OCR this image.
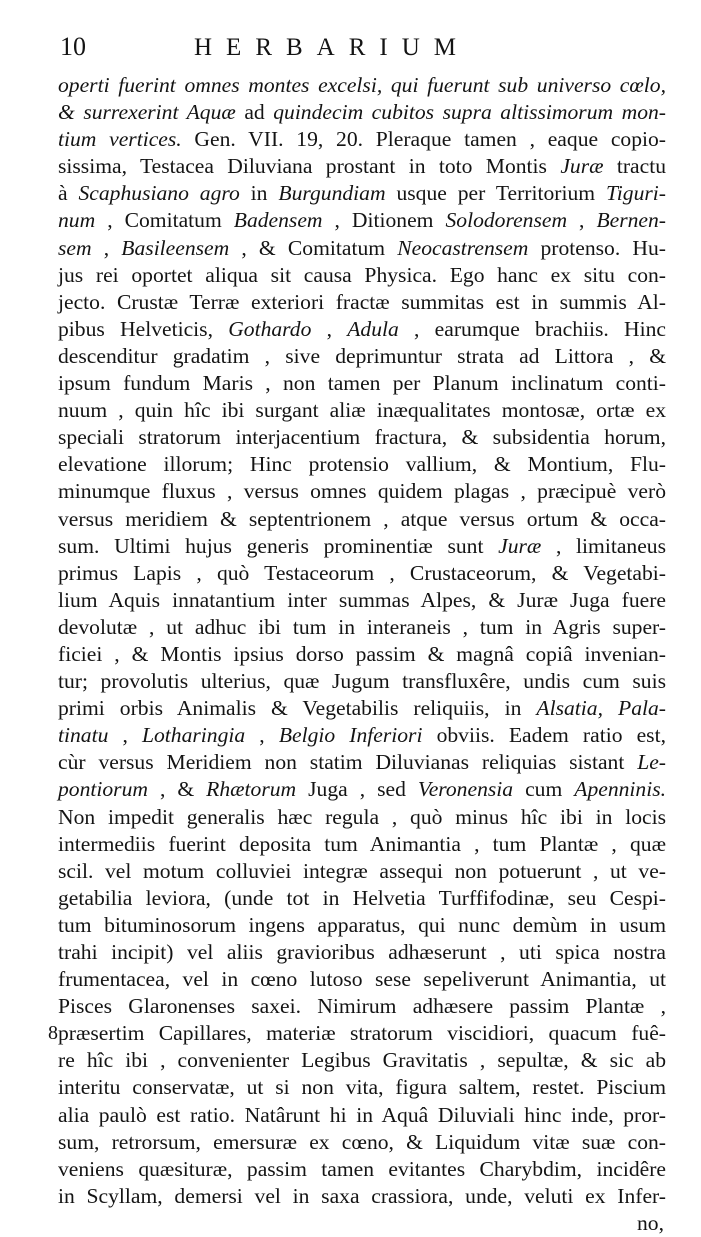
10	HERBARIUM
operti fuerint omnes montes excelsi, qui fuerunt sub universo cœlo,
& surrexerint Aquæ ad quindecim cubitos supra altissimorum mon-
tium vertices. Gen. VII. 19, 20. Pleraque tamen , eaque copio-
sissima, Testacea Diluviana prostant in toto Montis Juræ tractu
à Scaphusiano agro in Burgundiam usque per Territorium Tiguri-
num , Comitatum Badensem , Ditionem Solodorensem , Bernen-
sem , Basileensem , & Comitatum Neocastrensem protenso. Hu-
jus rei oportet aliqua sit causa Physica. Ego hanc ex situ con-
jecto. Crustæ Terræ exteriori fractæ summitas est in summis Al-
pibus Helveticis, Gothardo , Adula , earumque brachiis. Hinc
descenditur gradatim , sive deprimuntur strata ad Littora , &
ipsum fundum Maris , non tamen per Planum inclinatum conti-
nuum , quin hîc ibi surgant aliæ inæqualitates montosæ, ortæ ex
speciali stratorum interjacentium fractura, & subsidentia horum,
elevatione illorum; Hinc protensio vallium, & Montium, Flu-
minumque fluxus , versus omnes quidem plagas , præcipuè verò
versus meridiem & septentrionem , atque versus ortum & occa-
sum. Ultimi hujus generis prominentiæ sunt Juræ , limitaneus
primus Lapis , quò Testaceorum , Crustaceorum, & Vegetabi-
lium Aquis innatantium inter summas Alpes, & Juræ Juga fuere
devolutæ , ut adhuc ibi tum in interaneis , tum in Agris super-
ficiei , & Montis ipsius dorso passim & magnâ copiâ invenian-
tur; provolutis ulterius, quæ Jugum transfluxêre, undis cum suis
primi orbis Animalis & Vegetabilis reliquiis, in Alsatia, Pala-
tinatu , Lotharingia , Belgio Inferiori obviis. Eadem ratio est,
cùr versus Meridiem non statim Diluvianas reliquias sistant Le-
pontiorum , & Rhætorum Juga , sed Veronensia cum Apenninis.
Non impedit generalis hæc regula , quò minus hîc ibi in locis
intermediis fuerint deposita tum Animantia , tum Plantæ , quæ
scil. vel motum colluviei integræ assequi non potuerunt , ut ve-
getabilia leviora, (unde tot in Helvetia Turffifodinæ, seu Cespi-
tum bituminosorum ingens apparatus, qui nunc demùm in usum
trahi incipit) vel aliis gravioribus adhæserunt , uti spica nostra
frumentacea, vel in cœno lutoso sese sepeliverunt Animantia, ut
Pisces Glaronenses saxei. Nimirum adhæsere passim Plantæ ,
præsertim Capillares, materiæ stratorum viscidiori, quacum fuê-
8
re hîc ibi , convenienter Legibus Gravitatis , sepultæ, & sic ab
interitu conservatæ, ut si non vita, figura saltem, restet. Piscium
alia paulò est ratio. Natârunt hi in Aquâ Diluviali hinc inde, pror-
sum, retrorsum, emersuræ ex cœno, & Liquidum vitæ suæ con-
veniens quæsituræ, passim tamen evitantes Charybdim, incidêre
in Scyllam, demersi vel in saxa crassiora, unde, veluti ex Infer-
no,
